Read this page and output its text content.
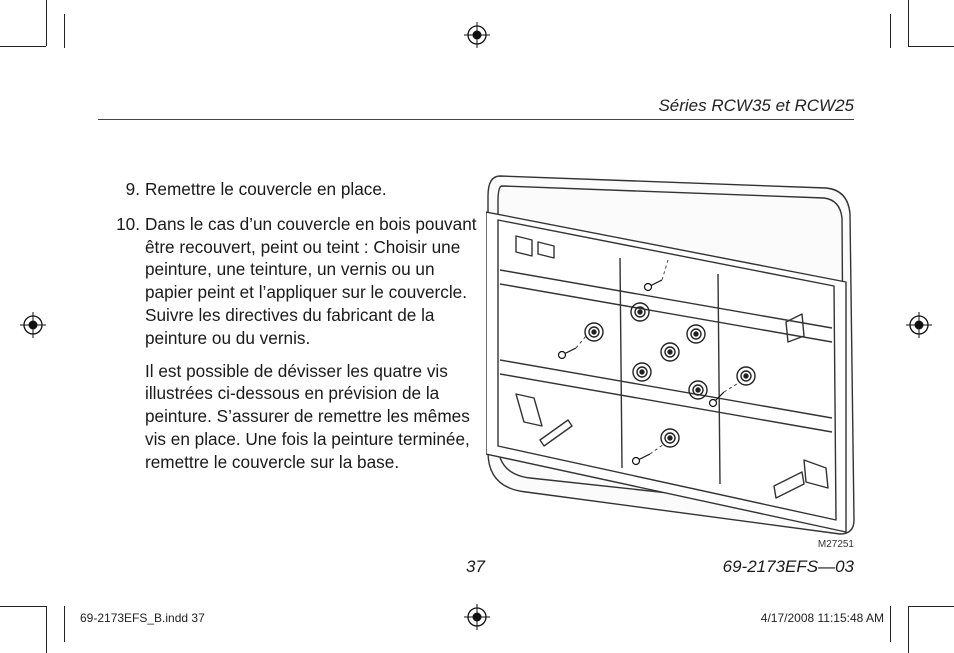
Séries RCW35 et RCW25
9. Remettre le couvercle en place.

10. Dans le cas d’un couvercle en bois pouvant être recouvert, peint ou teint : Choisir une peinture, une teinture, un vernis ou un papier peint et l’appliquer sur le couvercle. Suivre les directives du fabricant de la peinture ou du vernis.

Il est possible de dévisser les quatre vis illustrées ci-dessous en prévision de la peinture. S’assurer de remettre les mêmes vis en place. Une fois la peinture terminée, remettre le couvercle sur la base.

M27251
37	69-2173EFS—03
69-2173EFS_B.indd 37	4/17/2008 11:15:48 AM
